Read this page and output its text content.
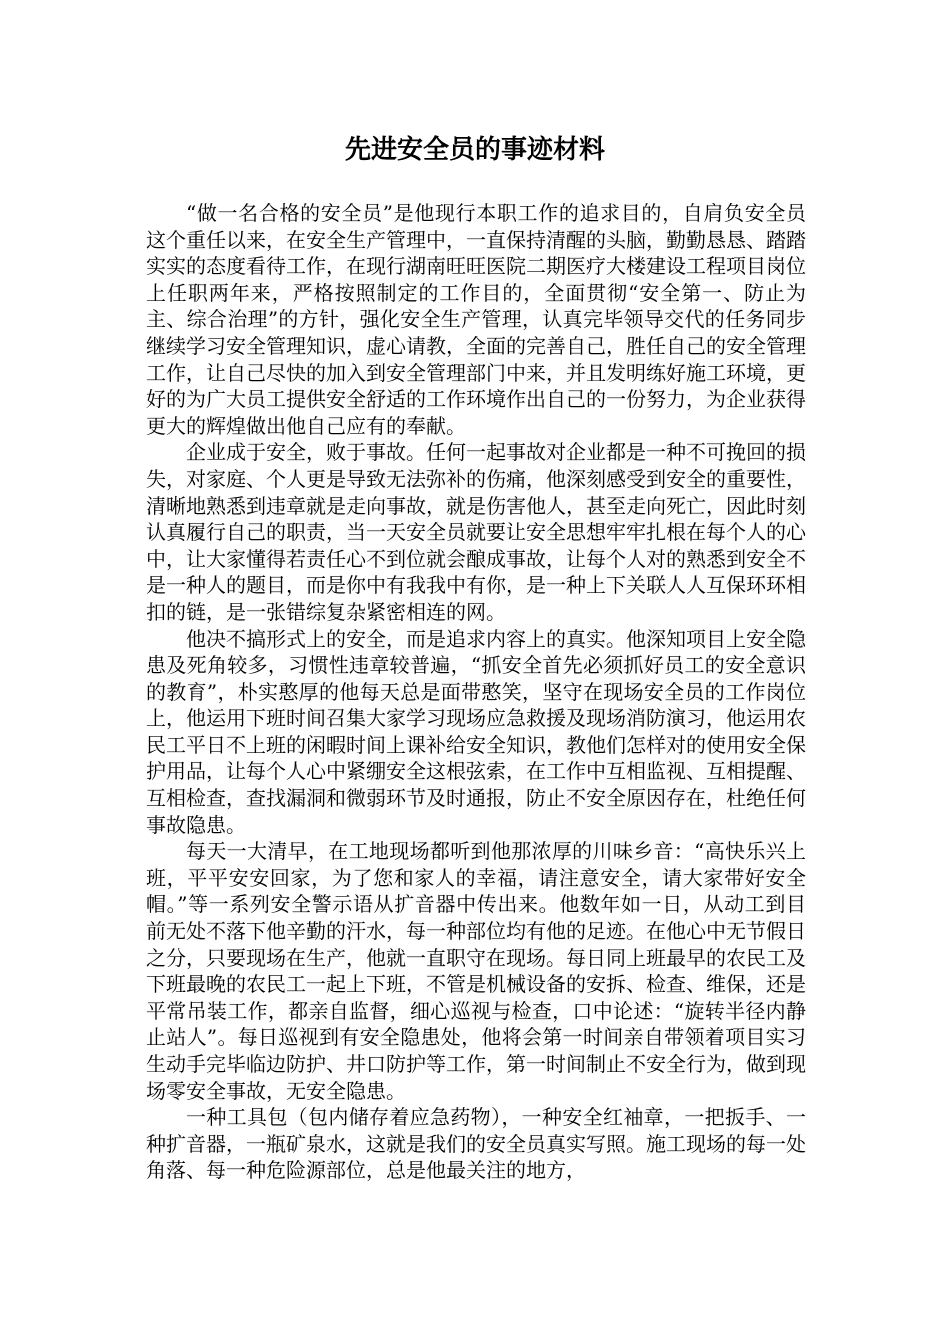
先进安全员的事迹材料

“做一名合格的安全员”是他现行本职工作的追求目的，自肩负安全员这个重任以来，在安全生产管理中，一直保持清醒的头脑，勤勤恳恳、踏踏实实的态度看待工作，在现行湖南旺旺医院二期医疗大楼建设工程项目岗位上任职两年来，严格按照制定的工作目的，全面贯彻“安全第一、防止为主、综合治理”的方针，强化安全生产管理，认真完毕领导交代的任务同步继续学习安全管理知识，虚心请教，全面的完善自己，胜任自己的安全管理工作，让自己尽快的加入到安全管理部门中来，并且发明练好施工环境，更好的为广大员工提供安全舒适的工作环境作出自己的一份努力，为企业获得更大的辉煌做出他自己应有的奉献。

企业成于安全，败于事故。任何一起事故对企业都是一种不可挽回的损失，对家庭、个人更是导致无法弥补的伤痛，他深刻感受到安全的重要性，清晰地熟悉到违章就是走向事故，就是伤害他人，甚至走向死亡，因此时刻认真履行自己的职责，当一天安全员就要让安全思想牢牢扎根在每个人的心中，让大家懂得若责任心不到位就会酿成事故，让每个人对的熟悉到安全不是一种人的题目，而是你中有我我中有你，是一种上下关联人人互保环环相扣的链，是一张错综复杂紧密相连的网。

他决不搞形式上的安全，而是追求内容上的真实。他深知项目上安全隐患及死角较多，习惯性违章较普遍，“抓安全首先必须抓好员工的安全意识的教育”，朴实憨厚的他每天总是面带憨笑，坚守在现场安全员的工作岗位上，他运用下班时间召集大家学习现场应急救援及现场消防演习，他运用农民工平日不上班的闲暇时间上课补给安全知识，教他们怎样对的使用安全保护用品，让每个人心中紧绷安全这根弦索，在工作中互相监视、互相提醒、互相检查，查找漏洞和微弱环节及时通报，防止不安全原因存在，杜绝任何事故隐患。

每天一大清早，在工地现场都听到他那浓厚的川味乡音：“高快乐兴上班，平平安安回家，为了您和家人的幸福，请注意安全，请大家带好安全帽。”等一系列安全警示语从扩音器中传出来。他数年如一日，从动工到目前无处不落下他辛勤的汗水，每一种部位均有他的足迹。在他心中无节假日之分，只要现场在生产，他就一直职守在现场。每日同上班最早的农民工及下班最晚的农民工一起上下班，不管是机械设备的安拆、检查、维保，还是平常吊装工作，都亲自监督，细心巡视与检查，口中论述：“旋转半径内静止站人”。每日巡视到有安全隐患处，他将会第一时间亲自带领着项目实习生动手完毕临边防护、井口防护等工作，第一时间制止不安全行为，做到现场零安全事故，无安全隐患。

一种工具包（包内储存着应急药物），一种安全红袖章，一把扳手、一种扩音器，一瓶矿泉水，这就是我们的安全员真实写照。施工现场的每一处角落、每一种危险源部位，总是他最关注的地方，
